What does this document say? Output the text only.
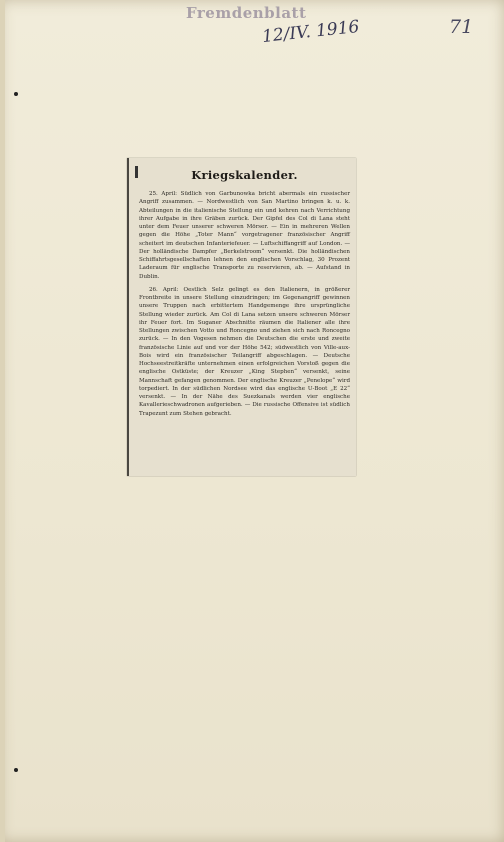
Fremdenblatt
12/IV. 1916	71
Kriegskalender.

25. April: Südlich von Garbunowka bricht abermals ein russischer Angriff zusammen. — Nordwestlich von San Martino bringen k. u. k. Abteilungen in die italienische Stellung ein und kehren nach Verrichtung ihrer Aufgabe in ihre Gräben zurück. Der Gipfel des Col di Lana steht unter dem Feuer unserer schweren Mörser. — Ein in mehreren Wellen gegen die Höhe „Toter Mann“ vorgetragener französischer Angriff scheitert im deutschen Infanteriefeuer. — Luftschiffangriff auf London. — Der holländische Dampfer „Berkelstroom“ versenkt. Die holländischen Schiffahrtsgesellschaften lehnen den englischen Vorschlag, 30 Prozent Laderaum für englische Transporte zu reservieren, ab. — Aufstand in Dublin.

26. April: Oestlich Selz gelingt es den Italienern, in größerer Frontbreite in unsere Stellung einzudringen; im Gegenangriff gewinnen unsere Truppen nach erbittertem Handgemenge ihre ursprüngliche Stellung wieder zurück. Am Col di Lana setzen unsere schweren Mörser ihr Feuer fort. Im Suganer Abschnitte räumen die Italiener alle ihre Stellungen zwischen Votto und Roncegno und ziehen sich nach Roncegno zurück. — In den Vogesen nehmen die Deutschen die erste und zweite französische Linie auf und vor der Höhe 542; südwestlich von Ville-aux-Bois wird ein französischer Teilangriff abgeschlagen. — Deutsche Hochseestreitkräfte unternehmen einen erfolgreichen Vorstoß gegen die englische Ostküste; der Kreuzer „King Stephen“ versenkt, seine Mannschaft gefangen genommen. Der englische Kreuzer „Penelope“ wird torpediert. In der südlichen Nordsee wird das englische U-Boot „E 22“ versenkt. — In der Nähe des Suezkanals werden vier englische Kavallerieschwadronen aufgerieben. — Die russische Offensive ist südlich Trapezunt zum Stehen gebracht.
